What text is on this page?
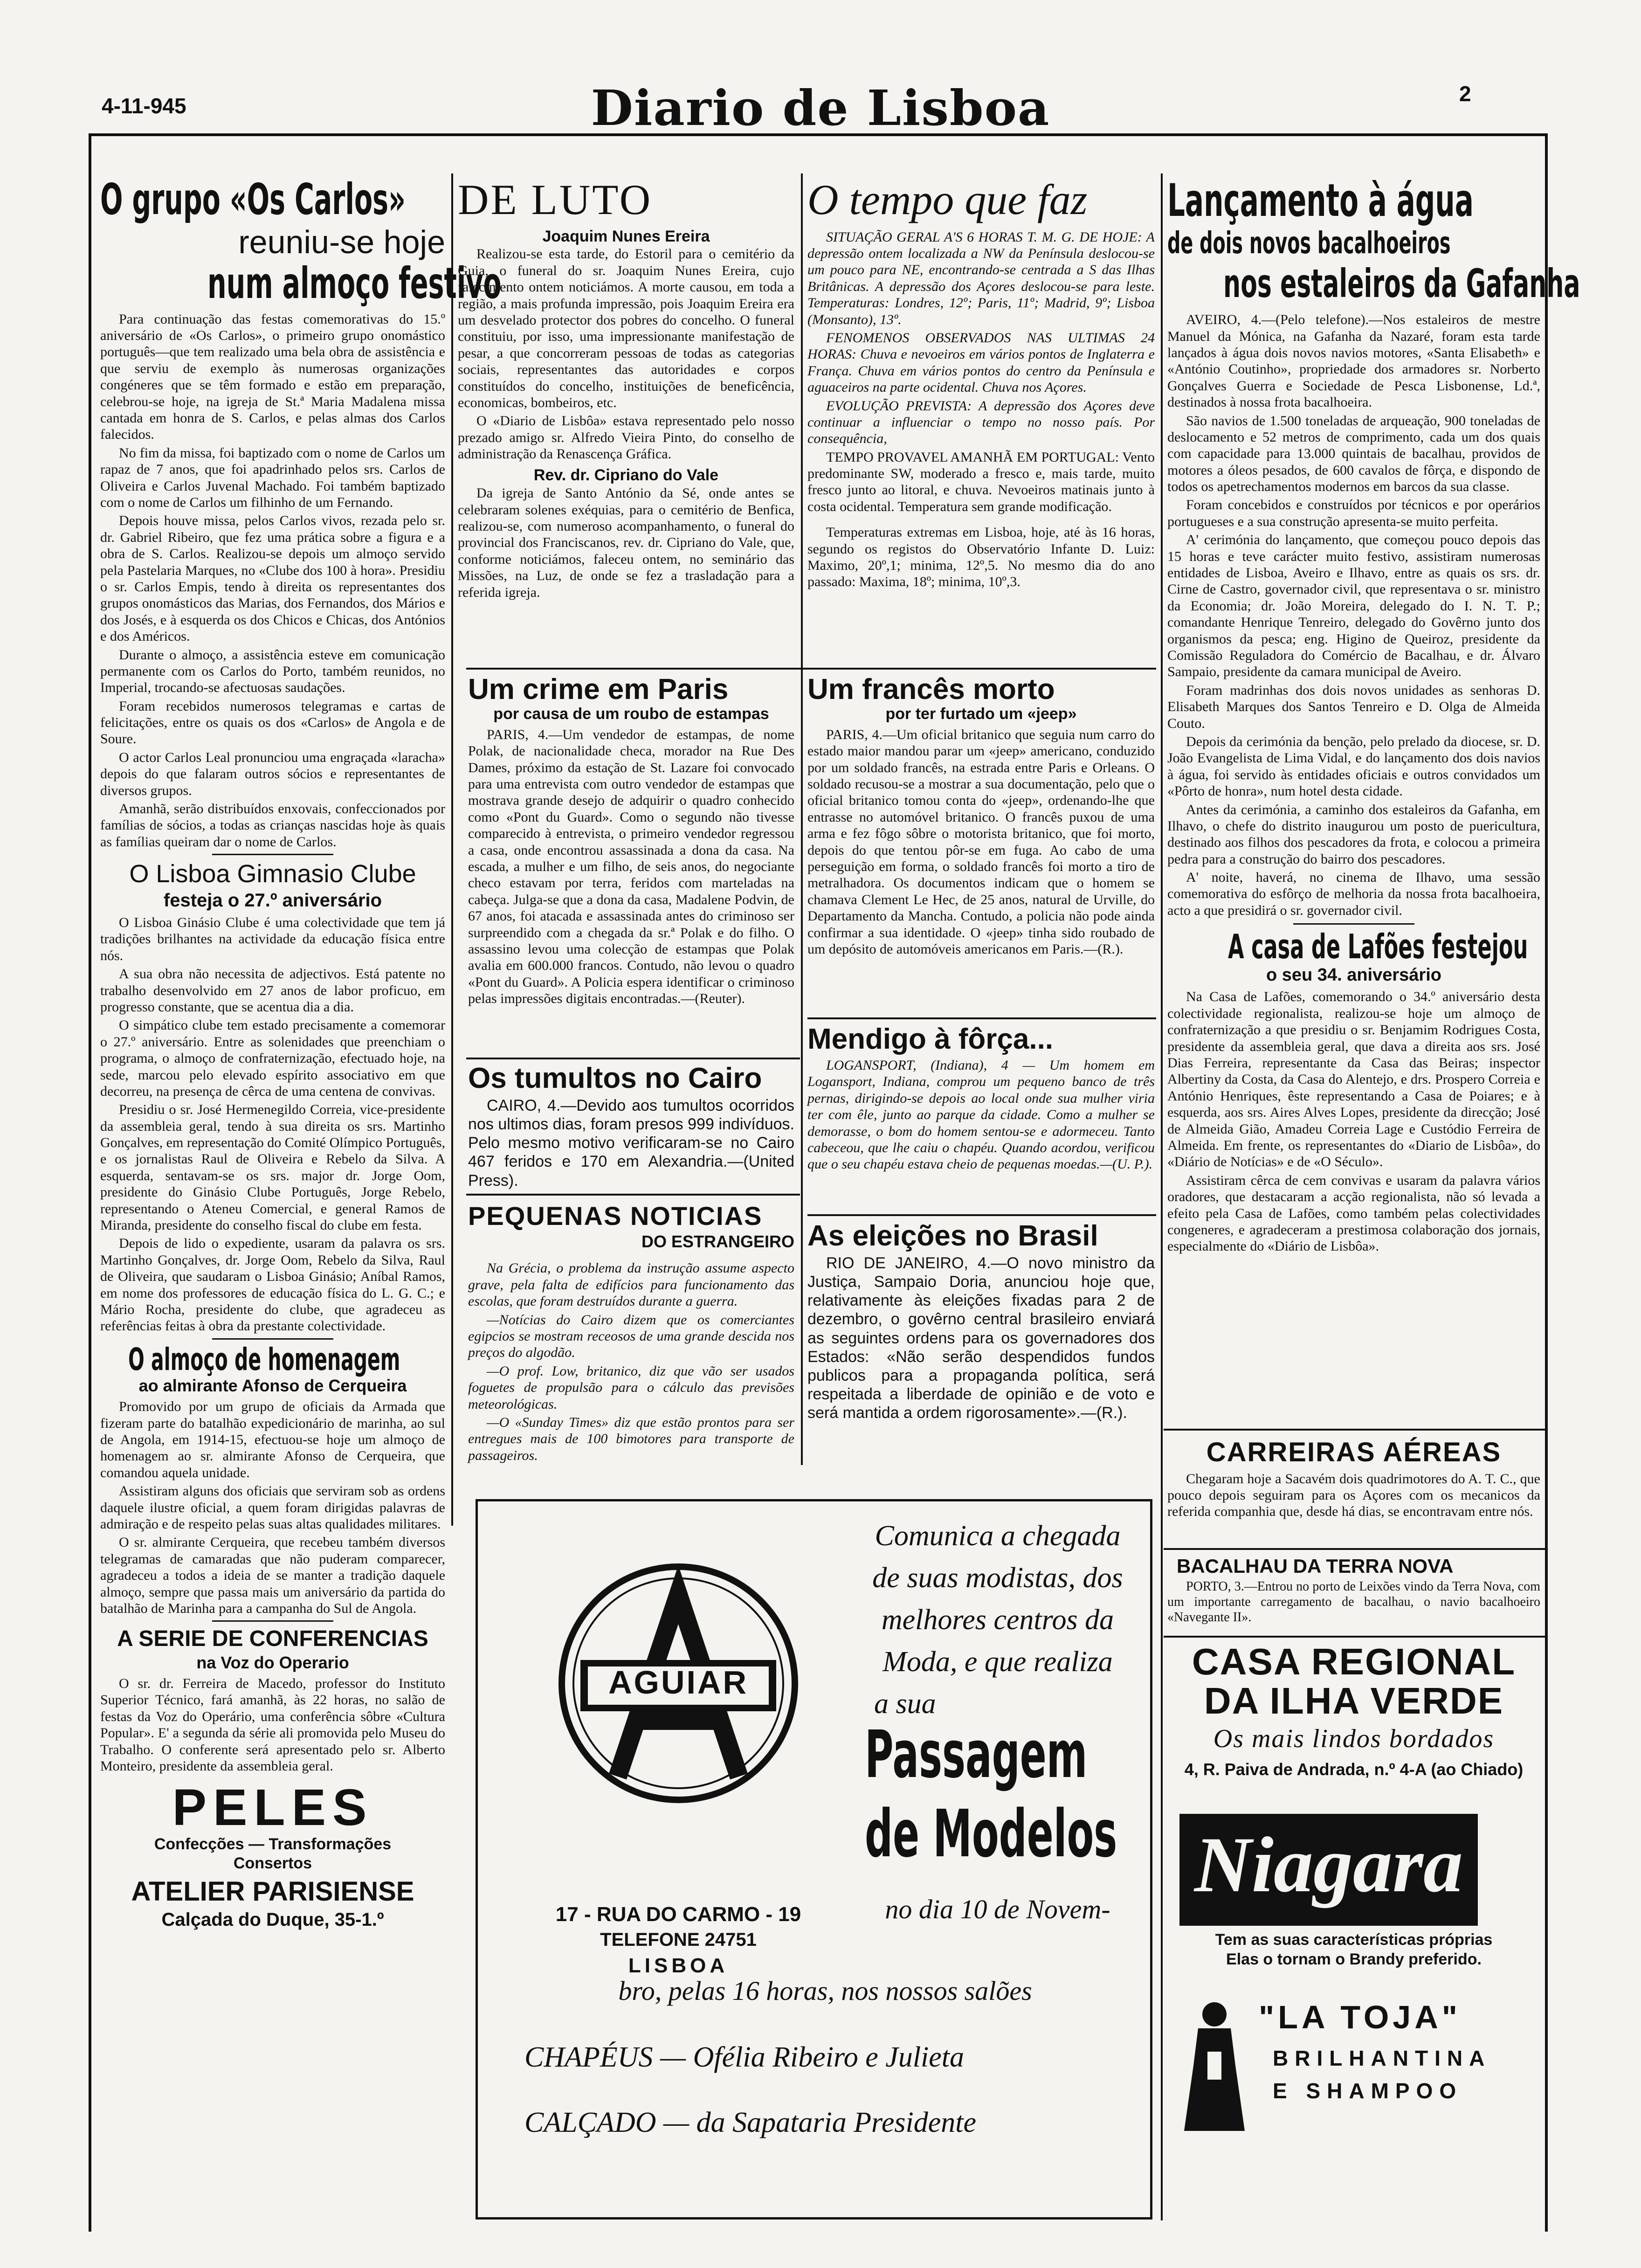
4-11-945	Diario de Lisboa	2
O grupo «Os Carlos»
reuniu-se hoje
num almoço festivo

Para continuação das festas comemorativas do 15.º aniversário de «Os Carlos», o primeiro grupo onomástico português—que tem realizado uma bela obra de assistência e que serviu de exemplo às numerosas organizações congéneres que se têm formado e estão em preparação, celebrou-se hoje, na igreja de St.ª Maria Madalena missa cantada em honra de S. Carlos, e pelas almas dos Carlos falecidos.

No fim da missa, foi baptizado com o nome de Carlos um rapaz de 7 anos, que foi apadrinhado pelos srs. Carlos de Oliveira e Carlos Juvenal Machado. Foi também baptizado com o nome de Carlos um filhinho de um Fernando.

Depois houve missa, pelos Carlos vivos, rezada pelo sr. dr. Gabriel Ribeiro, que fez uma prática sobre a figura e a obra de S. Carlos. Realizou-se depois um almoço servido pela Pastelaria Marques, no «Clube dos 100 à hora». Presidiu o sr. Carlos Empis, tendo à direita os representantes dos grupos onomásticos das Marias, dos Fernandos, dos Mários e dos Josés, e à esquerda os dos Chicos e Chicas, dos Antónios e dos Américos.

Durante o almoço, a assistência esteve em comunicação permanente com os Carlos do Porto, também reunidos, no Imperial, trocando-se afectuosas saudações.

Foram recebidos numerosos telegramas e cartas de felicitações, entre os quais os dos «Carlos» de Angola e de Soure.

O actor Carlos Leal pronunciou uma engraçada «laracha» depois do que falaram outros sócios e representantes de diversos grupos.

Amanhã, serão distribuídos enxovais, confeccionados por famílias de sócios, a todas as crianças nascidas hoje às quais as famílias queiram dar o nome de Carlos.

O Lisboa Gimnasio Clube
festeja o 27.º aniversário

O Lisboa Ginásio Clube é uma colectividade que tem já tradições brilhantes na actividade da educação física entre nós.

A sua obra não necessita de adjectivos. Está patente no trabalho desenvolvido em 27 anos de labor proficuo, em progresso constante, que se acentua dia a dia.

O simpático clube tem estado precisamente a comemorar o 27.º aniversário. Entre as solenidades que preenchiam o programa, o almoço de confraternização, efectuado hoje, na sede, marcou pelo elevado espírito associativo em que decorreu, na presença de cêrca de uma centena de convivas.

Presidiu o sr. José Hermenegildo Correia, vice-presidente da assembleia geral, tendo à sua direita os srs. Martinho Gonçalves, em representação do Comité Olímpico Português, e os jornalistas Raul de Oliveira e Rebelo da Silva. A esquerda, sentavam-se os srs. major dr. Jorge Oom, presidente do Ginásio Clube Português, Jorge Rebelo, representando o Ateneu Comercial, e general Ramos de Miranda, presidente do conselho fiscal do clube em festa.

Depois de lido o expediente, usaram da palavra os srs. Martinho Gonçalves, dr. Jorge Oom, Rebelo da Silva, Raul de Oliveira, que saudaram o Lisboa Ginásio; Aníbal Ramos, em nome dos professores de educação física do L. G. C.; e Mário Rocha, presidente do clube, que agradeceu as referências feitas à obra da prestante colectividade.

O almoço de homenagem
ao almirante Afonso de Cerqueira

Promovido por um grupo de oficiais da Armada que fizeram parte do batalhão expedicionário de marinha, ao sul de Angola, em 1914-15, efectuou-se hoje um almoço de homenagem ao sr. almirante Afonso de Cerqueira, que comandou aquela unidade.

Assistiram alguns dos oficiais que serviram sob as ordens daquele ilustre oficial, a quem foram dirigidas palavras de admiração e de respeito pelas suas altas qualidades militares.

O sr. almirante Cerqueira, que recebeu também diversos telegramas de camaradas que não puderam comparecer, agradeceu a todos a ideia de se manter a tradição daquele almoço, sempre que passa mais um aniversário da partida do batalhão de Marinha para a campanha do Sul de Angola.

A SERIE DE CONFERENCIAS
na Voz do Operario

O sr. dr. Ferreira de Macedo, professor do Instituto Superior Técnico, fará amanhã, às 22 horas, no salão de festas da Voz do Operário, uma conferência sôbre «Cultura Popular». E' a segunda da série ali promovida pelo Museu do Trabalho. O conferente será apresentado pelo sr. Alberto Monteiro, presidente da assembleia geral.

PELES
Confecções — Transformações
Consertos
ATELIER PARISIENSE
Calçada do Duque, 35-1.º
DE LUTO
Joaquim Nunes Ereira

Realizou-se esta tarde, do Estoril para o cemitério da Guia, o funeral do sr. Joaquim Nunes Ereira, cujo falecimento ontem noticiámos. A morte causou, em toda a região, a mais profunda impressão, pois Joaquim Ereira era um desvelado protector dos pobres do concelho. O funeral constituiu, por isso, uma impressionante manifestação de pesar, a que concorreram pessoas de todas as categorias sociais, representantes das autoridades e corpos constituídos do concelho, instituições de beneficência, economicas, bombeiros, etc.

O «Diario de Lisbôa» estava representado pelo nosso prezado amigo sr. Alfredo Vieira Pinto, do conselho de administração da Renascença Gráfica.

Rev. dr. Cipriano do Vale

Da igreja de Santo António da Sé, onde antes se celebraram solenes exéquias, para o cemitério de Benfica, realizou-se, com numeroso acompanhamento, o funeral do provincial dos Franciscanos, rev. dr. Cipriano do Vale, que, conforme noticiámos, faleceu ontem, no seminário das Missões, na Luz, de onde se fez a trasladação para a referida igreja.

O tempo que faz

SITUAÇÃO GERAL A'S 6 HORAS T. M. G. DE HOJE: A depressão ontem localizada a NW da Península deslocou-se um pouco para NE, encontrando-se centrada a S das Ilhas Britânicas. A depressão dos Açores deslocou-se para leste. Temperaturas: Londres, 12º; Paris, 11º; Madrid, 9º; Lisboa (Monsanto), 13º.

FENOMENOS OBSERVADOS NAS ULTIMAS 24 HORAS: Chuva e nevoeiros em vários pontos de Inglaterra e França. Chuva em vários pontos do centro da Península e aguaceiros na parte ocidental. Chuva nos Açores.

EVOLUÇÃO PREVISTA: A depressão dos Açores deve continuar a influenciar o tempo no nosso país. Por consequência,

TEMPO PROVAVEL AMANHÃ EM PORTUGAL: Vento predominante SW, moderado a fresco e, mais tarde, muito fresco junto ao litoral, e chuva. Nevoeiros matinais junto à costa ocidental. Temperatura sem grande modificação.

Temperaturas extremas em Lisboa, hoje, até às 16 horas, segundo os registos do Observatório Infante D. Luiz: Maximo, 20º,1; minima, 12º,5. No mesmo dia do ano passado: Maxima, 18º; minima, 10º,3.

Um crime em Paris
por causa de um roubo de estampas

PARIS, 4.—Um vendedor de estampas, de nome Polak, de nacionalidade checa, morador na Rue Des Dames, próximo da estação de St. Lazare foi convocado para uma entrevista com outro vendedor de estampas que mostrava grande desejo de adquirir o quadro conhecido como «Pont du Guard». Como o segundo não tivesse comparecido à entrevista, o primeiro vendedor regressou a casa, onde encontrou assassinada a dona da casa. Na escada, a mulher e um filho, de seis anos, do negociante checo estavam por terra, feridos com marteladas na cabeça. Julga-se que a dona da casa, Madalene Podvin, de 67 anos, foi atacada e assassinada antes do criminoso ser surpreendido com a chegada da sr.ª Polak e do filho. O assassino levou uma colecção de estampas que Polak avalia em 600.000 francos. Contudo, não levou o quadro «Pont du Guard». A Policia espera identificar o criminoso pelas impressões digitais encontradas.—(Reuter).

Um francês morto
por ter furtado um «jeep»

PARIS, 4.—Um oficial britanico que seguia num carro do estado maior mandou parar um «jeep» americano, conduzido por um soldado francês, na estrada entre Paris e Orleans. O soldado recusou-se a mostrar a sua documentação, pelo que o oficial britanico tomou conta do «jeep», ordenando-lhe que entrasse no automóvel britanico. O francês puxou de uma arma e fez fôgo sôbre o motorista britanico, que foi morto, depois do que tentou pôr-se em fuga. Ao cabo de uma perseguição em forma, o soldado francês foi morto a tiro de metralhadora. Os documentos indicam que o homem se chamava Clement Le Hec, de 25 anos, natural de Urville, do Departamento da Mancha. Contudo, a policia não pode ainda confirmar a sua identidade. O «jeep» tinha sido roubado de um depósito de automóveis americanos em Paris.—(R.).

Mendigo à fôrça...

LOGANSPORT, (Indiana), 4 — Um homem em Logansport, Indiana, comprou um pequeno banco de três pernas, dirigindo-se depois ao local onde sua mulher viria ter com êle, junto ao parque da cidade. Como a mulher se demorasse, o bom do homem sentou-se e adormeceu. Tanto cabeceou, que lhe caiu o chapéu. Quando acordou, verificou que o seu chapéu estava cheio de pequenas moedas.—(U. P.).

Os tumultos no Cairo

CAIRO, 4.—Devido aos tumultos ocorridos nos ultimos dias, foram presos 999 indivíduos. Pelo mesmo motivo verificaram-se no Cairo 467 feridos e 170 em Alexandria.—(United Press).

PEQUENAS NOTICIAS
DO ESTRANGEIRO

Na Grécia, o problema da instrução assume aspecto grave, pela falta de edifícios para funcionamento das escolas, que foram destruídos durante a guerra.

—Notícias do Cairo dizem que os comerciantes egipcios se mostram receosos de uma grande descida nos preços do algodão.

—O prof. Low, britanico, diz que vão ser usados foguetes de propulsão para o cálculo das previsões meteorológicas.

—O «Sunday Times» diz que estão prontos para ser entregues mais de 100 bimotores para transporte de passageiros.

As eleições no Brasil

RIO DE JANEIRO, 4.—O novo ministro da Justiça, Sampaio Doria, anunciou hoje que, relativamente às eleições fixadas para 2 de dezembro, o govêrno central brasileiro enviará as seguintes ordens para os governadores dos Estados: «Não serão despendidos fundos publicos para a propaganda política, será respeitada a liberdade de opinião e de voto e será mantida a ordem rigorosamente».—(R.).

AGUIAR
17 - RUA DO CARMO - 19
TELEFONE 24751
LISBOA
Comunica a chegada
de suas modistas, dos
melhores centros da
Moda, e que realiza
a sua
Passagem
de Modelos
no dia 10 de Novem-
bro, pelas 16 horas, nos nossos salões
CHAPÉUS — Ofélia Ribeiro e Julieta
CALÇADO — da Sapataria Presidente
Lançamento à água
de dois novos bacalhoeiros
nos estaleiros da Gafanha

AVEIRO, 4.—(Pelo telefone).—Nos estaleiros de mestre Manuel da Mónica, na Gafanha da Nazaré, foram esta tarde lançados à água dois novos navios motores, «Santa Elisabeth» e «António Coutinho», propriedade dos armadores sr. Norberto Gonçalves Guerra e Sociedade de Pesca Lisbonense, Ld.ª, destinados à nossa frota bacalhoeira.

São navios de 1.500 toneladas de arqueação, 900 toneladas de deslocamento e 52 metros de comprimento, cada um dos quais com capacidade para 13.000 quintais de bacalhau, providos de motores a óleos pesados, de 600 cavalos de fôrça, e dispondo de todos os apetrechamentos modernos em barcos da sua classe.

Foram concebidos e construídos por técnicos e por operários portugueses e a sua construção apresenta-se muito perfeita.

A' cerimónia do lançamento, que começou pouco depois das 15 horas e teve carácter muito festivo, assistiram numerosas entidades de Lisboa, Aveiro e Ilhavo, entre as quais os srs. dr. Cirne de Castro, governador civil, que representava o sr. ministro da Economia; dr. João Moreira, delegado do I. N. T. P.; comandante Henrique Tenreiro, delegado do Govêrno junto dos organismos da pesca; eng. Higino de Queiroz, presidente da Comissão Reguladora do Comércio de Bacalhau, e dr. Álvaro Sampaio, presidente da camara municipal de Aveiro.

Foram madrinhas dos dois novos unidades as senhoras D. Elisabeth Marques dos Santos Tenreiro e D. Olga de Almeida Couto.

Depois da cerimónia da benção, pelo prelado da diocese, sr. D. João Evangelista de Lima Vidal, e do lançamento dos dois navios à água, foi servido às entidades oficiais e outros convidados um «Pôrto de honra», num hotel desta cidade.

Antes da cerimónia, a caminho dos estaleiros da Gafanha, em Ilhavo, o chefe do distrito inaugurou um posto de puericultura, destinado aos filhos dos pescadores da frota, e colocou a primeira pedra para a construção do bairro dos pescadores.

A' noite, haverá, no cinema de Ilhavo, uma sessão comemorativa do esfôrço de melhoria da nossa frota bacalhoeira, acto a que presidirá o sr. governador civil.

A casa de Lafões festejou
o seu 34. aniversário

Na Casa de Lafões, comemorando o 34.º aniversário desta colectividade regionalista, realizou-se hoje um almoço de confraternização a que presidiu o sr. Benjamim Rodrigues Costa, presidente da assembleia geral, que dava a direita aos srs. José Dias Ferreira, representante da Casa das Beiras; inspector Albertiny da Costa, da Casa do Alentejo, e drs. Prospero Correia e António Henriques, êste representando a Casa de Poiares; e à esquerda, aos srs. Aires Alves Lopes, presidente da direcção; José de Almeida Gião, Amadeu Correia Lage e Custódio Ferreira de Almeida. Em frente, os representantes do «Diario de Lisbôa», do «Diário de Notícias» e de «O Século».

Assistiram cêrca de cem convivas e usaram da palavra vários oradores, que destacaram a acção regionalista, não só levada a efeito pela Casa de Lafões, como também pelas colectividades congeneres, e agradeceram a prestimosa colaboração dos jornais, especialmente do «Diário de Lisbôa».

CARREIRAS AÉREAS

Chegaram hoje a Sacavém dois quadrimotores do A. T. C., que pouco depois seguiram para os Açores com os mecanicos da referida companhia que, desde há dias, se encontravam entre nós.

BACALHAU DA TERRA NOVA

PORTO, 3.—Entrou no porto de Leixões vindo da Terra Nova, com um importante carregamento de bacalhau, o navio bacalhoeiro «Navegante II».

CASA REGIONAL
DA ILHA VERDE
Os mais lindos bordados
4, R. Paiva de Andrada, n.º 4-A (ao Chiado)
Niagara
Tem as suas características próprias
Elas o tornam o Brandy preferido.
"LA TOJA"
BRILHANTINA
E SHAMPOO
